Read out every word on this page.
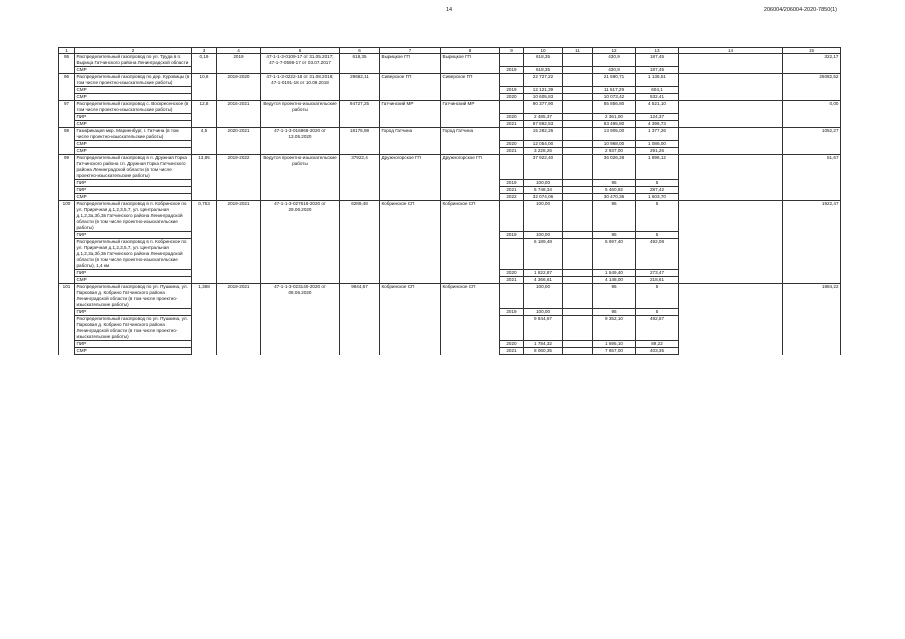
14	206004/206004-2020-7850(1)
1	2	3	4	5	6	7	8	9	10	11	12	13	14	15
95	Распределительный газопровод по ул. Труда в п. Вырица Гатчинского района Ленинградской области	0,19	2019	47-1-1-3-0109-17 от 31.05.2017; 47-1-7-0598-17 от 03.07.2017	618,35	Вырицкое ГП	Вырицкое ГП		618,35		430,9	187,45		322,17
	СМР							2019	618,35		430,9	187,45		
96	Распределительный газопровод по дер. Куровицы (в том числе проектно-изыскательские работы)	10,6	2019-2020	47-1-1-3-0222-18 от 31.08.2018; 47-1-0191-18 от 10.09.2018	29662,11	Сиверское ГП	Сиверское ГП		22 727,22		21 590,71	1 136,51		25082,52
	СМР							2019	12 121,39		11 517,29	604,1		
	СМР							2020	10 605,83		10 073,42	532,41		
97	Распределительный газопровод с. Воскресенское (в том числе проектно-изыскательские работы)	12,8	2015-2021	Ведутся проектно-изыскательские работы	94727,25	Гатчинский МР	Гатчинский МР		90 377,90		85 856,80	4 521,10		0,00
	ПИР							2020	2 485,37		2 361,00	124,37		
	СМР							2021	87 892,53		83 495,80	4 396,73		
98	Газификация мкр. Мариенбург, г. Гатчина (в том числе проектно-изыскательские работы)	4,5	2020-2021	47-1-1-3-016866-2020 от 13.05.2020	18175,98	Город Гатчина	Город Гатчина		15 282,26		13 905,00	1 377,26		1052,27
	СМР							2020	12 054,00		10 968,00	1 086,00		
	СМР							2021	3 228,26		2 937,00	291,26		
99	Распределительный газопровод в п. Дружная Горка Гатчинского района г.п. Дружная Горка Гатчинского района Ленинградской области (в том числе проектно-изыскательские работы)	13,85	2019-2022	Ведутся проектно-изыскательские работы	37922,4	Дружногорское ГП	Дружногорское ГП		37 922,40		36 026,28	1 896,12		51,67
	ПИР							2019	100,00		95	5		
	ПИР							2021	5 748,34		5 460,92	287,42		
	СМР							2022	32 074,06		30 470,36	1 603,70		
100	Распределительный газопровод в п. Кобринское по ул. Приречная д.1,2,3,5,7, ул. Центральная д.1,2,3а,3б,3в Гатчинского района Ленинградской области (в том числе проектно-изыскательские работы)	0,753	2019-2021	47-1-1-3-027616-2020 от 29.06.2020	6289,48	Кобринское СП	Кобринское СП		100,00		95	5		1922,47
	ПИР							2019	100,00		95	5		
	Распределительный газопровод в п. Кобринское по ул. Приречная д.1,2,3,5,7, ул. Центральная д.1,2,3а,3б,3в Гатчинского района Ленинградской области (в том числе проектно-изыскательские работы), 1,4 км								6 189,48		5 697,40	492,08		
	ПИР							2020	1 822,87		1 549,40	273,47		
	СМР							2021	4 366,61		4 148,00	218,61		
101	Распределительный газопровод по ул. Пушкина, ул. Парковая д. Кобрино Гатчинского района Ленинградской области (в том числе проектно-изыскательские работы)	1,388	2019-2021	47-1-1-3-023140-2020 от 08.06.2020	9944,67	Кобринское СП	Кобринское СП		100,00		95	5		1884,22
	ПИР							2019	100,00		95	5		
	Распределительный газопровод по ул. Пушкина, ул. Парковая д. Кобрино Гатчинского района Ленинградской области (в том числе проектно-изыскательские работы)								9 844,67		9 352,10	492,57		
	ПИР							2020	1 784,32		1 695,10	89,22		
	СМР							2021	8 060,35		7 657,00	403,35		
